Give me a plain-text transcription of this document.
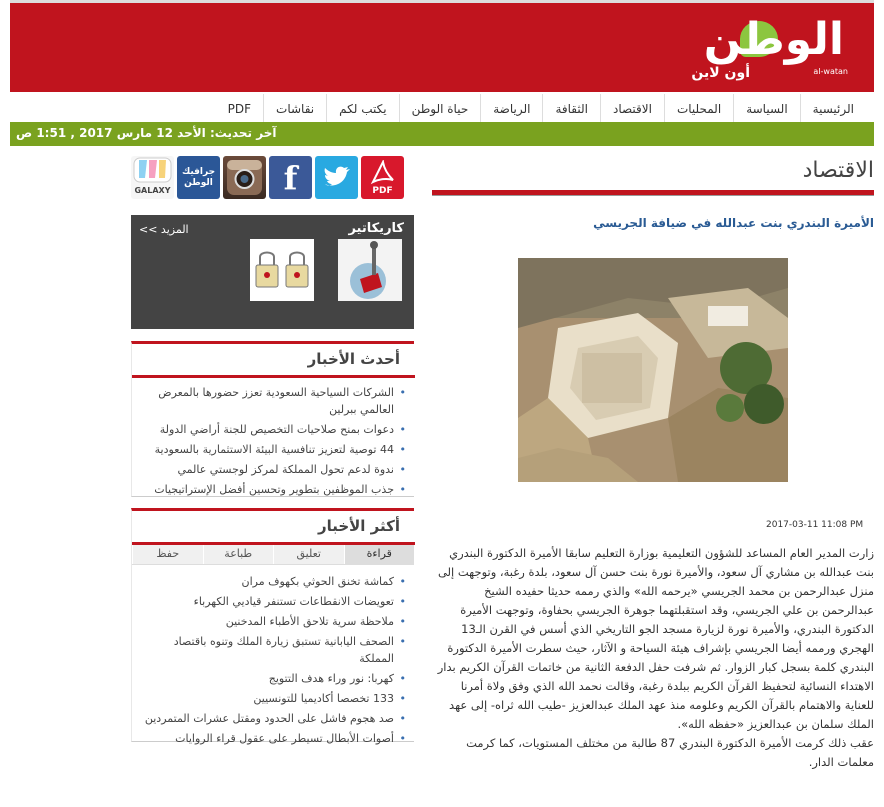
الوطن
أون لاين	al-watan
الرئيسية
السياسة
المحليات
الاقتصاد
الثقافة
الرياضة
حياة الوطن
يكتب لكم
نقاشات
PDF
آخر تحديث: الأحد 12 مارس 2017 , 1:51 ص
الاقتصاد
الأميرة البندري بنت عبدالله في ضيافة الجريسي
2017-03-11 11:08 PM

زارت المدير العام المساعد للشؤون التعليمية بوزارة التعليم سابقا الأميرة الدكتورة البندري بنت عبدالله بن مشاري آل سعود، والأميرة نورة بنت حسن آل سعود، بلدة رغبة، وتوجهت إلى منزل عبدالرحمن بن محمد الجريسي «يرحمه الله» والذي رممه حديثا حفيده الشيخ عبدالرحمن بن علي الجريسي، وقد استقبلتهما جوهرة الجريسي بحفاوة، وتوجهت الأميرة الدكتورة البندري، والأميرة نورة لزيارة مسجد الجو التاريخي الذي أسس في القرن الـ13 الهجري ورممه أيضا الجريسي بإشراف هيئة السياحة و الآثار، حيث سطرت الأميرة الدكتورة البندري كلمة بسجل كبار الزوار. ثم شرفت حفل الدفعة الثانية من خاتمات القرآن الكريم بدار الاهتداء النسائية لتحفيظ القرآن الكريم ببلدة رغبة، وقالت نحمد الله الذي وفق ولاة أمرنا للعناية والاهتمام بالقرآن الكريم وعلومه منذ عهد الملك عبدالعزيز -طيب الله ثراه- إلى عهد الملك سلمان بن عبدالعزيز «حفظه الله».

عقب ذلك كرمت الأميرة الدكتورة البندري 87 طالبة من مختلف المستويات، كما كرمت معلمات الدار.

GALAXY
جرافيك الوطن	f	PDF
كاريكاتير
المزيد >>
أحدث الأخبار
• الشركات السياحية السعودية تعزز حضورها بالمعرض العالمي ببرلين
• دعوات بمنح صلاحيات التخصيص للجنة أراضي الدولة
• 44 توصية لتعزيز تنافسية البيئة الاستثمارية بالسعودية
• ندوة لدعم تحول المملكة لمركز لوجستي عالمي
• جذب الموظفين بتطوير وتحسين أفضل الإستراتيجيات
أكثر الأخبار
قراءة
تعليق
طباعة
حفظ
• كماشة تخنق الحوثي بكهوف مران
• تعويضات الانقطاعات تستنفر قياديي الكهرباء
• ملاحظة سرية تلاحق الأطباء المدخنين
• الصحف اليابانية تستبق زيارة الملك وتنوه باقتصاد المملكة
• كهربا: نور وراء هدف التتويج
• 133 تخصصا أكاديميا للتونسيين
• صد هجوم فاشل على الحدود ومقتل عشرات المتمردين
• أصوات الأبطال تسيطر على عقول قراء الروايات
